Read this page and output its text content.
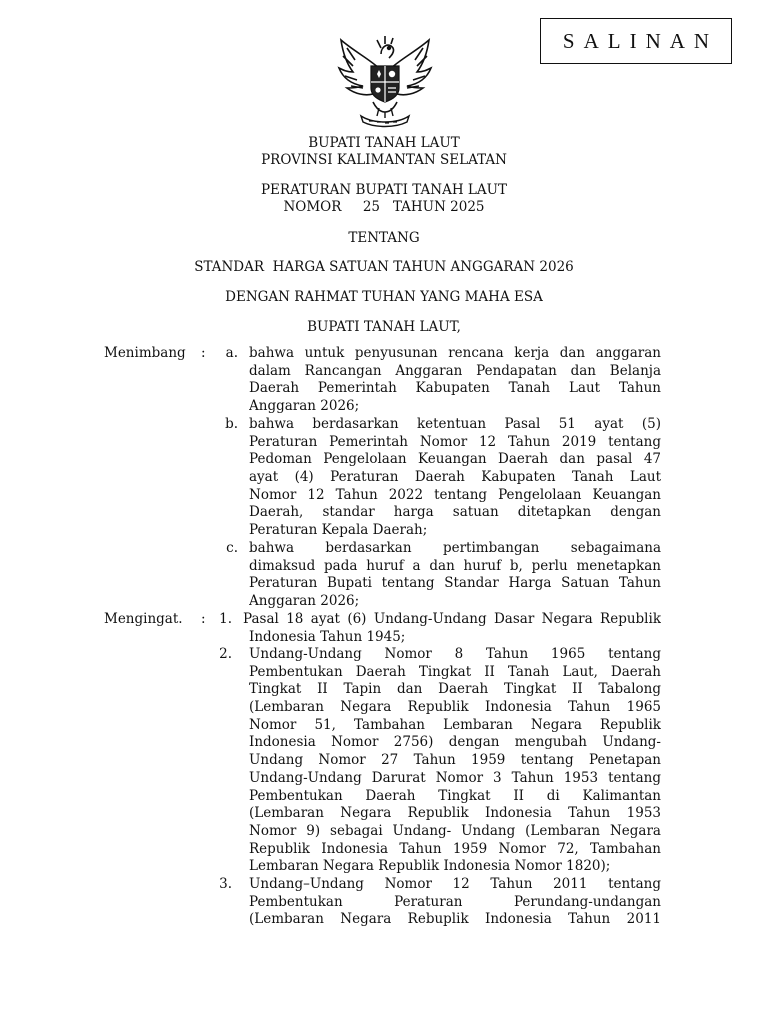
SALINAN
BUPATI TANAH LAUT
PROVINSI KALIMANTAN SELATAN
PERATURAN BUPATI TANAH LAUT
NOMOR     25   TAHUN 2025
TENTANG
STANDAR  HARGA SATUAN TAHUN ANGGARAN 2026
DENGAN RAHMAT TUHAN YANG MAHA ESA
BUPATI TANAH LAUT,
Menimbang :	a. bahwa untuk penyusunan rencana kerja dan anggaran
dalam Rancangan Anggaran Pendapatan dan Belanja
Daerah Pemerintah Kabupaten Tanah Laut Tahun
Anggaran 2026;
b. bahwa berdasarkan ketentuan Pasal 51 ayat (5)
Peraturan Pemerintah Nomor 12 Tahun 2019 tentang
Pedoman Pengelolaan Keuangan Daerah dan pasal 47
ayat (4) Peraturan Daerah Kabupaten Tanah Laut
Nomor 12 Tahun 2022 tentang Pengelolaan Keuangan
Daerah, standar harga satuan ditetapkan dengan
Peraturan Kepala Daerah;
c. bahwa berdasarkan pertimbangan sebagaimana
dimaksud pada huruf a dan huruf b, perlu menetapkan
Peraturan Bupati tentang Standar Harga Satuan Tahun
Anggaran 2026;
Mengingat. :	1. Pasal 18 ayat (6) Undang-Undang Dasar Negara Republik
Indonesia Tahun 1945;
2. Undang-Undang Nomor 8 Tahun 1965 tentang
Pembentukan Daerah Tingkat II Tanah Laut, Daerah
Tingkat II Tapin dan Daerah Tingkat II Tabalong
(Lembaran Negara Republik Indonesia Tahun 1965
Nomor 51, Tambahan Lembaran Negara Republik
Indonesia Nomor 2756) dengan mengubah Undang-
Undang Nomor 27 Tahun 1959 tentang Penetapan
Undang-Undang Darurat Nomor 3 Tahun 1953 tentang
Pembentukan Daerah Tingkat II di Kalimantan
(Lembaran Negara Republik Indonesia Tahun 1953
Nomor 9) sebagai Undang- Undang (Lembaran Negara
Republik Indonesia Tahun 1959 Nomor 72, Tambahan
Lembaran Negara Republik Indonesia Nomor 1820);
3. Undang–Undang Nomor 12 Tahun 2011 tentang
Pembentukan Peraturan Perundang-undangan
(Lembaran Negara Rebuplik Indonesia Tahun 2011
